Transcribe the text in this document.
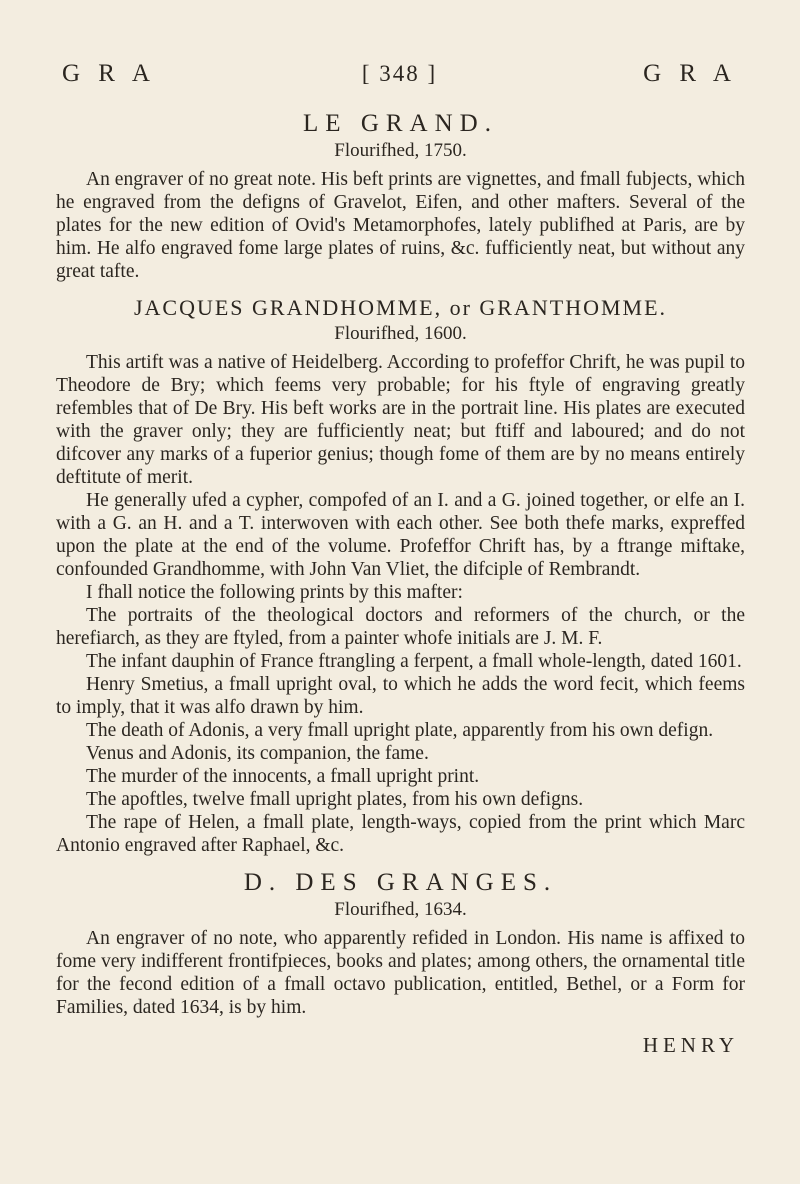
G R A	[ 348 ]	G R A
LE GRAND.
Flourifhed, 1750.

An engraver of no great note. His beft prints are vignettes, and fmall fubjects, which he engraved from the defigns of Gravelot, Eifen, and other mafters. Several of the plates for the new edition of Ovid's Metamorphofes, lately publifhed at Paris, are by him. He alfo engraved fome large plates of ruins, &c. fufficiently neat, but without any great tafte.

JACQUES GRANDHOMME, or GRANTHOMME.
Flourifhed, 1600.

This artift was a native of Heidelberg. According to profeffor Chrift, he was pupil to Theodore de Bry; which feems very probable; for his ftyle of engraving greatly refembles that of De Bry. His beft works are in the portrait line. His plates are executed with the graver only; they are fufficiently neat; but ftiff and laboured; and do not difcover any marks of a fuperior genius; though fome of them are by no means entirely deftitute of merit.

He generally ufed a cypher, compofed of an I. and a G. joined together, or elfe an I. with a G. an H. and a T. interwoven with each other. See both thefe marks, expreffed upon the plate at the end of the volume. Profeffor Chrift has, by a ftrange miftake, confounded Grandhomme, with John Van Vliet, the difciple of Rembrandt.

I fhall notice the following prints by this mafter:

The portraits of the theological doctors and reformers of the church, or the herefiarch, as they are ftyled, from a painter whofe initials are J. M. F.

The infant dauphin of France ftrangling a ferpent, a fmall whole-length, dated 1601.

Henry Smetius, a fmall upright oval, to which he adds the word fecit, which feems to imply, that it was alfo drawn by him.

The death of Adonis, a very fmall upright plate, apparently from his own defign.

Venus and Adonis, its companion, the fame.

The murder of the innocents, a fmall upright print.

The apoftles, twelve fmall upright plates, from his own defigns.

The rape of Helen, a fmall plate, length-ways, copied from the print which Marc Antonio engraved after Raphael, &c.

D. DES GRANGES.
Flourifhed, 1634.

An engraver of no note, who apparently refided in London. His name is affixed to fome very indifferent frontifpieces, books and plates; among others, the ornamental title for the fecond edition of a fmall octavo publication, entitled, Bethel, or a Form for Families, dated 1634, is by him.

HENRY
